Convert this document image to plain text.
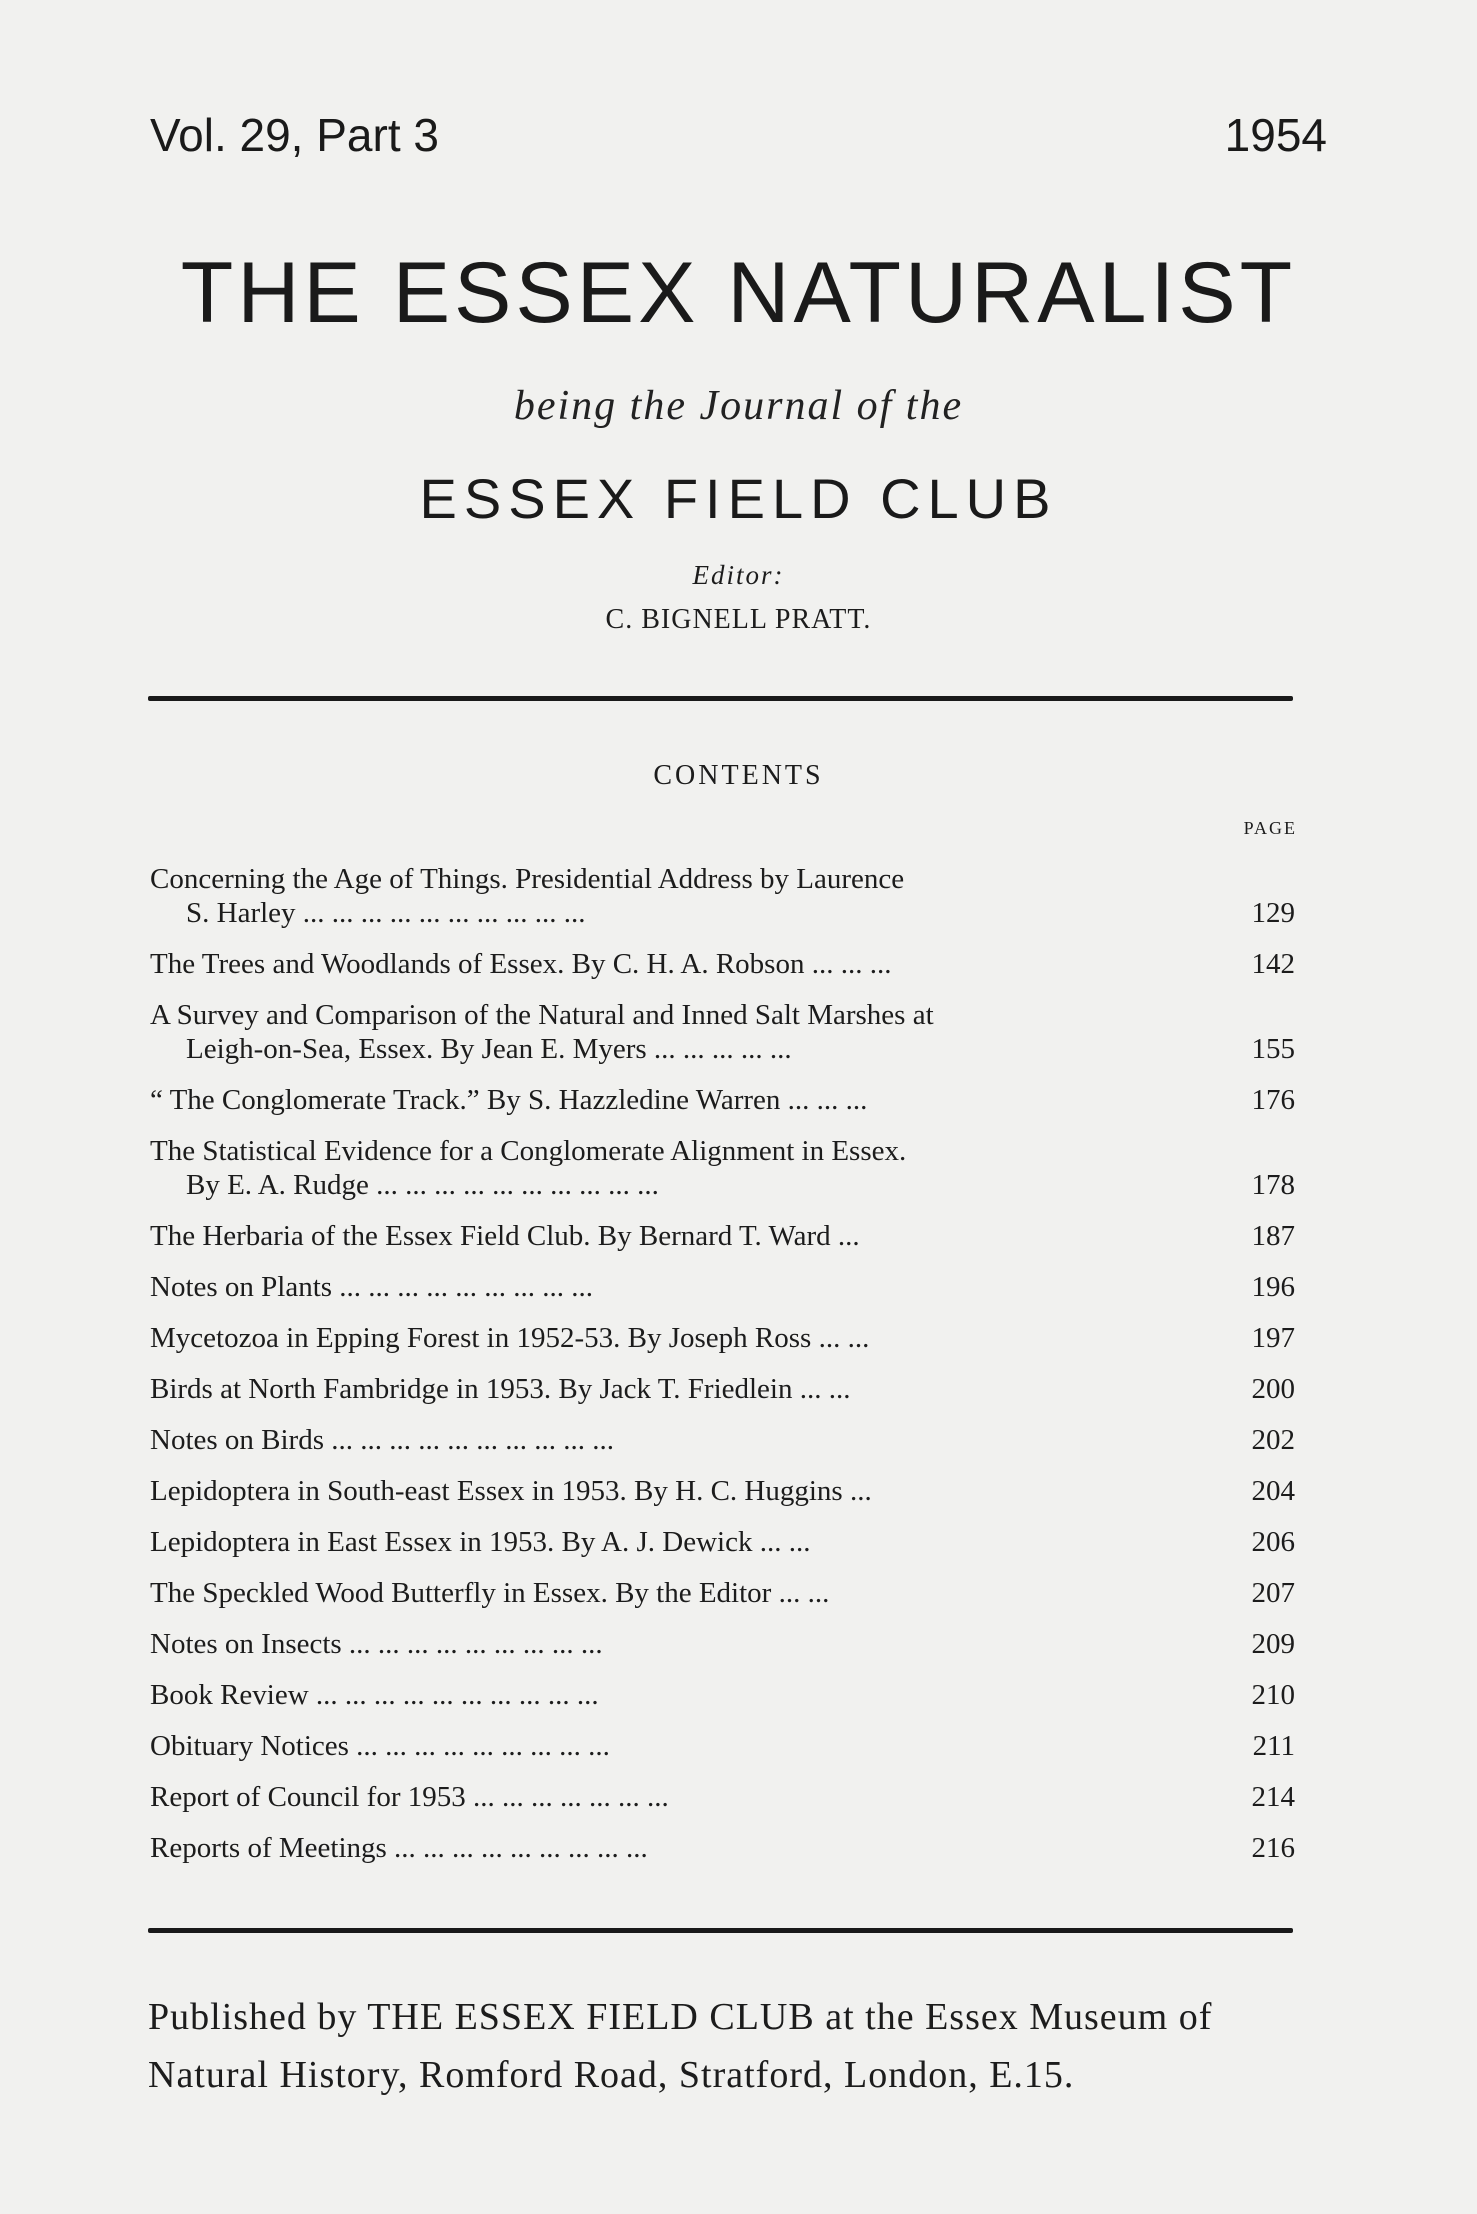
Vol. 29, Part 3	1954
THE ESSEX NATURALIST
being the Journal of the
ESSEX FIELD CLUB
Editor:
C. BIGNELL PRATT.
CONTENTS
PAGE
Concerning the Age of Things. Presidential Address by Laurence
S. Harley ... ... ... ... ... ... ... ... ... ...	129
The Trees and Woodlands of Essex. By C. H. A. Robson ... ... ...	142
A Survey and Comparison of the Natural and Inned Salt Marshes at
Leigh-on-Sea, Essex. By Jean E. Myers ... ... ... ... ...	155
“ The Conglomerate Track.” By S. Hazzledine Warren ... ... ...	176
The Statistical Evidence for a Conglomerate Alignment in Essex.
By E. A. Rudge ... ... ... ... ... ... ... ... ... ...	178
The Herbaria of the Essex Field Club. By Bernard T. Ward ...	187
Notes on Plants ... ... ... ... ... ... ... ... ...	196
Mycetozoa in Epping Forest in 1952-53. By Joseph Ross ... ...	197
Birds at North Fambridge in 1953. By Jack T. Friedlein ... ...	200
Notes on Birds ... ... ... ... ... ... ... ... ... ...	202
Lepidoptera in South-east Essex in 1953. By H. C. Huggins ...	204
Lepidoptera in East Essex in 1953. By A. J. Dewick ... ...	206
The Speckled Wood Butterfly in Essex. By the Editor ... ...	207
Notes on Insects ... ... ... ... ... ... ... ... ...	209
Book Review ... ... ... ... ... ... ... ... ... ...	210
Obituary Notices ... ... ... ... ... ... ... ... ...	211
Report of Council for 1953 ... ... ... ... ... ... ...	214
Reports of Meetings ... ... ... ... ... ... ... ... ...	216
Published by THE ESSEX FIELD CLUB at the Essex Museum of Natural History, Romford Road, Stratford, London, E.15.
